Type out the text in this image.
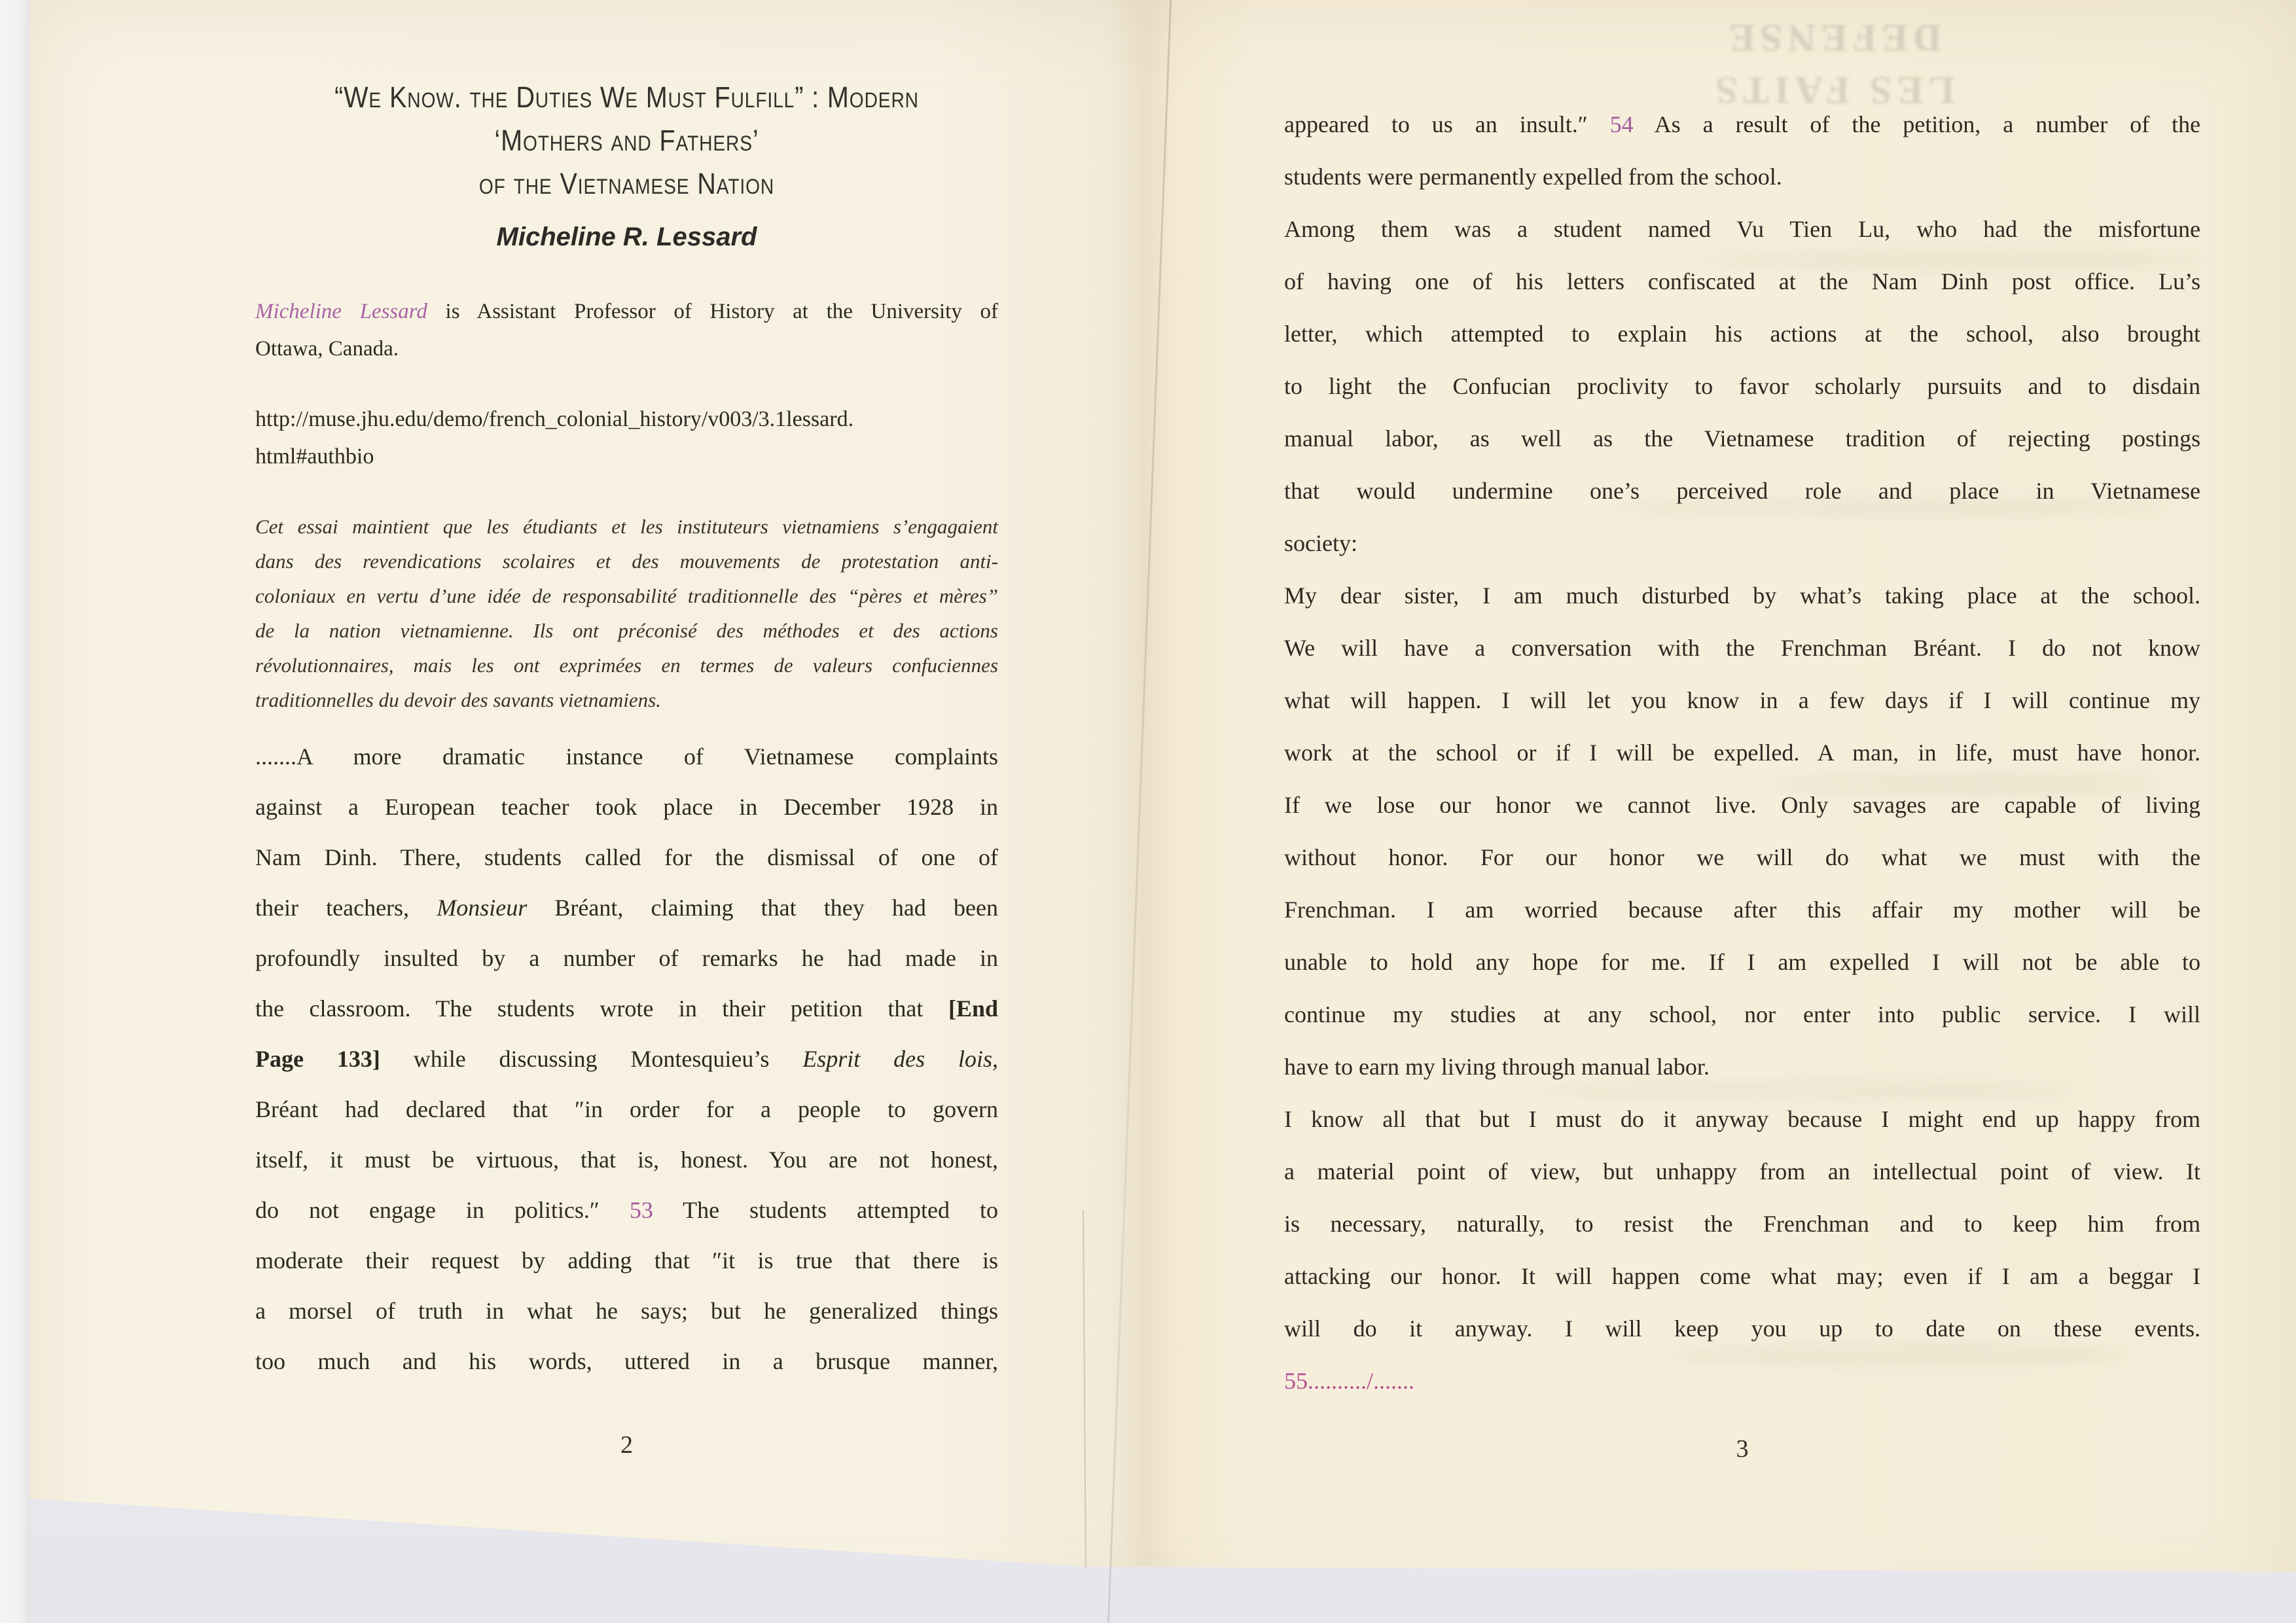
DEFENSE
LES FAITS
“We Know. the Duties We Must Fulfill” : Modern
‘Mothers and Fathers’
of the Vietnamese Nation
Micheline R. Lessard
Micheline Lessard is Assistant Professor of History at the University of
Ottawa, Canada.
http://muse.jhu.edu/demo/french_colonial_history/v003/3.1lessard.
html#authbio
Cet essai maintient que les étudiants et les instituteurs vietnamiens s’engagaient
dans des revendications scolaires et des mouvements de protestation anti-
coloniaux en vertu d’une idée de responsabilité traditionnelle des “pères et mères”
de la nation vietnamienne. Ils ont préconisé des méthodes et des actions
révolutionnaires, mais les ont exprimées en termes de valeurs confuciennes
traditionnelles du devoir des savants vietnamiens.
.......A more dramatic instance of Vietnamese complaints
against a European teacher took place in December 1928 in
Nam Dinh. There, students called for the dismissal of one of
their teachers, Monsieur Bréant, claiming that they had been
profoundly insulted by a number of remarks he had made in
the classroom. The students wrote in their petition that [End
Page 133] while discussing Montesquieu’s Esprit des lois,
Bréant had declared that ″in order for a people to govern
itself, it must be virtuous, that is, honest. You are not honest,
do not engage in politics.″ 53 The students attempted to
moderate their request by adding that ″it is true that there is
a morsel of truth in what he says; but he generalized things
too much and his words, uttered in a brusque manner,
2
appeared to us an insult.″ 54 As a result of the petition, a number of the
students were permanently expelled from the school.
Among them was a student named Vu Tien Lu, who had the misfortune
of having one of his letters confiscated at the Nam Dinh post office. Lu’s
letter, which attempted to explain his actions at the school, also brought
to light the Confucian proclivity to favor scholarly pursuits and to disdain
manual labor, as well as the Vietnamese tradition of rejecting postings
that would undermine one’s perceived role and place in Vietnamese
society:
My dear sister, I am much disturbed by what’s taking place at the school.
We will have a conversation with the Frenchman Bréant. I do not know
what will happen. I will let you know in a few days if I will continue my
work at the school or if I will be expelled. A man, in life, must have honor.
If we lose our honor we cannot live. Only savages are capable of living
without honor. For our honor we will do what we must with the
Frenchman. I am worried because after this affair my mother will be
unable to hold any hope for me. If I am expelled I will not be able to
continue my studies at any school, nor enter into public service. I will
have to earn my living through manual labor.
I know all that but I must do it anyway because I might end up happy from
a material point of view, but unhappy from an intellectual point of view. It
is necessary, naturally, to resist the Frenchman and to keep him from
attacking our honor. It will happen come what may; even if I am a beggar I
will do it anyway. I will keep you up to date on these events.
55........../.......
3
